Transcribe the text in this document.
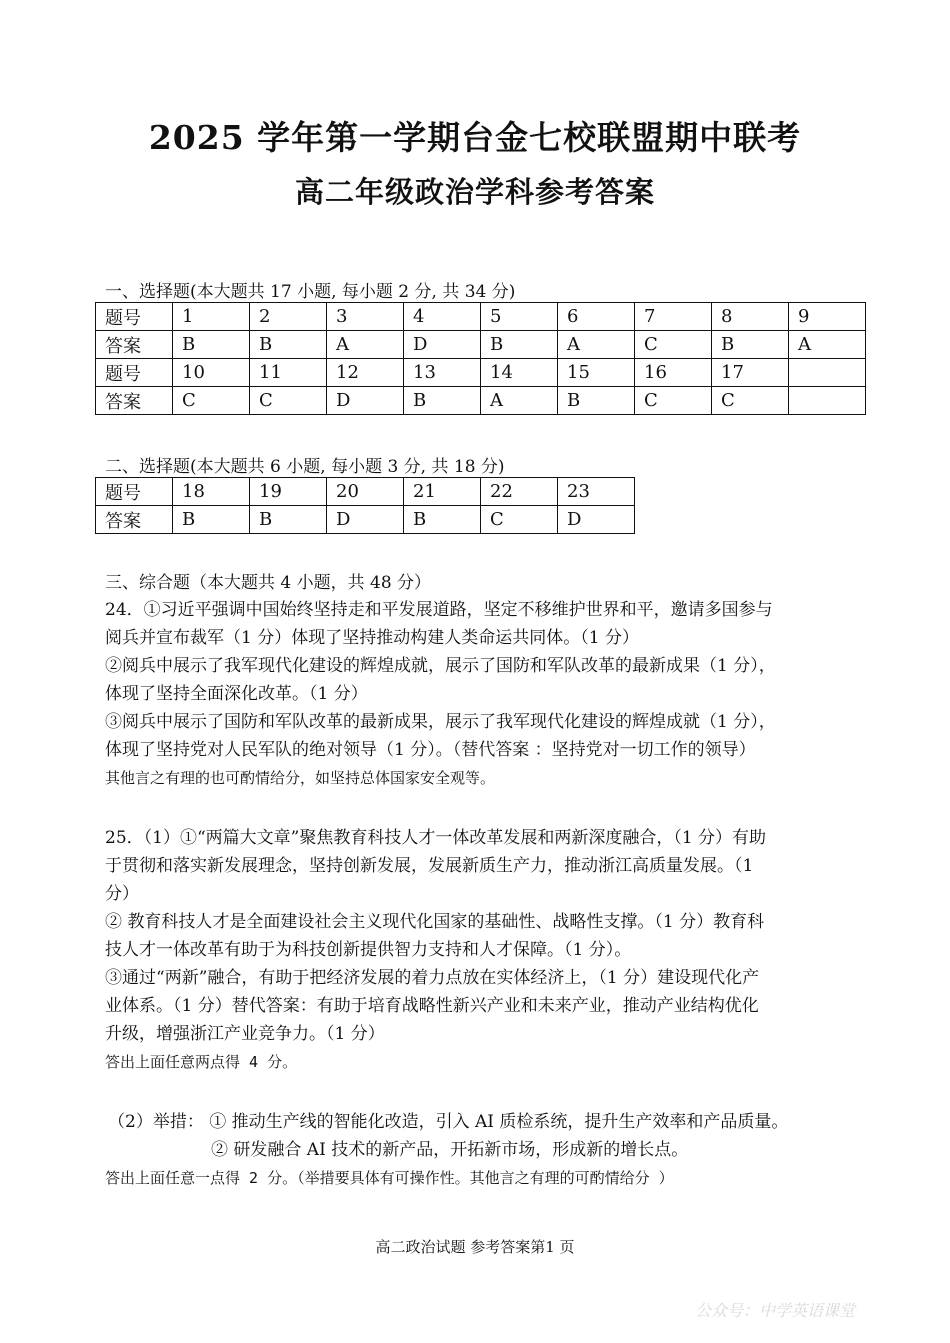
2025 学年第一学期台金七校联盟期中联考
高二年级政治学科参考答案
一、选择题(本大题共 17 小题, 每小题 2 分, 共 34 分)
题号	1	2	3	4	5	6	7	8	9
答案	B	B	A	D	B	A	C	B	A
题号	10	11	12	13	14	15	16	17	
答案	C	C	D	B	A	B	C	C	
二、选择题(本大题共 6 小题, 每小题 3 分, 共 18 分)
题号	18	19	20	21	22	23
答案	B	B	D	B	C	D
三、综合题（本大题共 4 小题，共 48 分）

24．①习近平强调中国始终坚持走和平发展道路，坚定不移维护世界和平，邀请多国参与

阅兵并宣布裁军（1 分）体现了坚持推动构建人类命运共同体。（1 分）

②阅兵中展示了我军现代化建设的辉煌成就，展示了国防和军队改革的最新成果（1 分），

体现了坚持全面深化改革。（1 分）

③阅兵中展示了国防和军队改革的最新成果，展示了我军现代化建设的辉煌成就（1 分），

体现了坚持党对人民军队的绝对领导（1 分）。（替代答案 ：坚持党对一切工作的领导）

其他言之有理的也可酌情给分，如坚持总体国家安全观等。

25．（1）①“两篇大文章”聚焦教育科技人才一体改革发展和两新深度融合，（1 分）有助

于贯彻和落实新发展理念，坚持创新发展，发展新质生产力，推动浙江高质量发展。（1

分）

② 教育科技人才是全面建设社会主义现代化国家的基础性、战略性支撑。（1 分）教育科

技人才一体改革有助于为科技创新提供智力支持和人才保障。（1 分）。

③通过“两新”融合，有助于把经济发展的着力点放在实体经济上，（1 分）建设现代化产

业体系。（1 分）替代答案：有助于培育战略性新兴产业和未来产业，推动产业结构优化

升级，增强浙江产业竞争力。（1 分）

答出上面任意两点得 4 分。

（2）举措： ① 推动生产线的智能化改造，引入 AI 质检系统，提升生产效率和产品质量。

② 研发融合 AI 技术的新产品，开拓新市场，形成新的增长点。

答出上面任意一点得 2 分。（举措要具体有可操作性。其他言之有理的可酌情给分 ）
高二政治试题 参考答案第1 页
公众号：中学英语课堂
